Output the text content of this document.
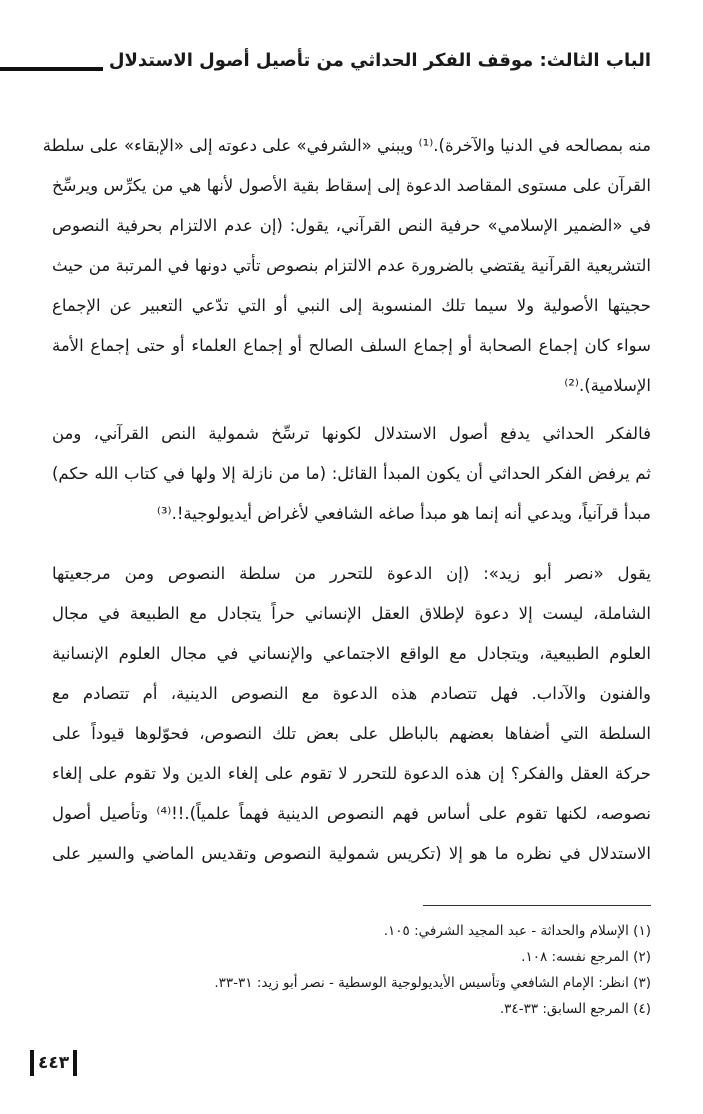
الباب الثالث: موقف الفكر الحداثي من تأصيل أصول الاستدلال
منه بمصالحه في الدنيا والآخرة).⁽¹⁾ ويبني «الشرفي» على دعوته إلى «الإبقاء» على سلطة
القرآن على مستوى المقاصد الدعوة إلى إسقاط بقية الأصول لأنها هي من يكرِّس ويرسِّخ
في «الضمير الإسلامي» حرفية النص القرآني، يقول: (إن عدم الالتزام بحرفية النصوص
التشريعية القرآنية يقتضي بالضرورة عدم الالتزام بنصوص تأتي دونها في المرتبة من حيث
حجيتها الأصولية ولا سيما تلك المنسوبة إلى النبي أو التي تدّعي التعبير عن الإجماع
سواء كان إجماع الصحابة أو إجماع السلف الصالح أو إجماع العلماء أو حتى إجماع الأمة
الإسلامية).⁽²⁾
فالفكر الحداثي يدفع أصول الاستدلال لكونها ترسِّخ شمولية النص القرآني، ومن
ثم يرفض الفكر الحداثي أن يكون المبدأ القائل: (ما من نازلة إلا ولها في كتاب الله حكم)
مبدأ قرآنياً، ويدعي أنه إنما هو مبدأ صاغه الشافعي لأغراض أيديولوجية!.⁽³⁾
يقول «نصر أبو زيد»: (إن الدعوة للتحرر من سلطة النصوص ومن مرجعيتها
الشاملة، ليست إلا دعوة لإطلاق العقل الإنساني حراً يتجادل مع الطبيعة في مجال
العلوم الطبيعية، ويتجادل مع الواقع الاجتماعي والإنساني في مجال العلوم الإنسانية
والفنون والآداب. فهل تتصادم هذه الدعوة مع النصوص الدينية، أم تتصادم مع
السلطة التي أضفاها بعضهم بالباطل على بعض تلك النصوص، فحوّلوها قيوداً على
حركة العقل والفكر؟ إن هذه الدعوة للتحرر لا تقوم على إلغاء الدين ولا تقوم على إلغاء
نصوصه، لكنها تقوم على أساس فهم النصوص الدينية فهماً علمياً).!!⁽⁴⁾ وتأصيل أصول
الاستدلال في نظره ما هو إلا (تكريس شمولية النصوص وتقديس الماضي والسير على
(١) الإسلام والحداثة - عبد المجيد الشرفي: ١٠٥.
(٢) المرجع نفسه: ١٠٨.
(٣) انظر: الإمام الشافعي وتأسيس الأيديولوجية الوسطية - نصر أبو زيد: ٣١-٣٣.
(٤) المرجع السابق: ٣٣-٣٤.
٤٤٣
